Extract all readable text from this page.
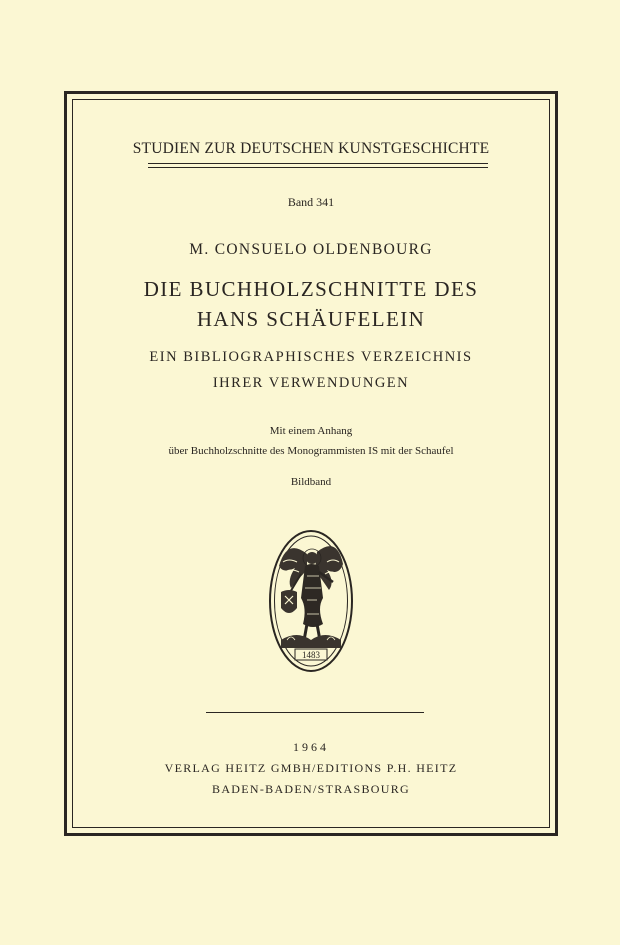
STUDIEN ZUR DEUTSCHEN KUNSTGESCHICHTE
Band 341
M. CONSUELO OLDENBOURG
DIE BUCHHOLZSCHNITTE DES
HANS SCHÄUFELEIN
EIN BIBLIOGRAPHISCHES VERZEICHNIS
IHRER VERWENDUNGEN
Mit einem Anhang
über Buchholzschnitte des Monogrammisten IS mit der Schaufel
Bildband
1483
1964
VERLAG HEITZ GMBH/EDITIONS P.H. HEITZ
BADEN-BADEN/STRASBOURG
